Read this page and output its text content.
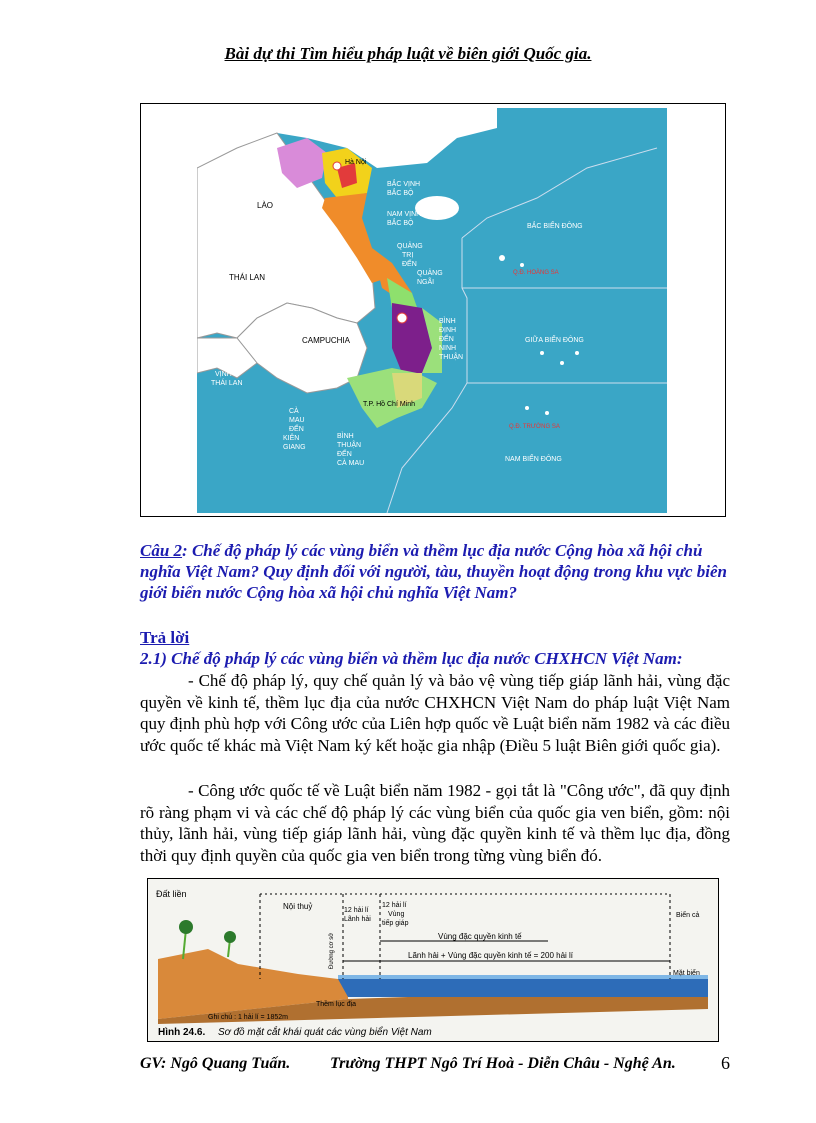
Bài dự thi Tìm hiểu pháp luật về biên giới Quốc gia.
TRUNG QUỐC
Hà Nội
BẮC VỊNH
BẮC BỘ
NAM VỊNH
BẮC BỘ
LÀO
THÁI LAN
CAMPUCHIA
QUẢNG
TRỊ
ĐẾN
QUẢNG
NGÃI
BÌNH
ĐỊNH
ĐẾN
NINH
THUẬN
BẮC BIỂN ĐÔNG
Q.Đ. HOÀNG SA
GIỮA BIỂN ĐÔNG
Q.Đ. TRƯỜNG SA
NAM BIỂN ĐÔNG
VỊNH
THÁI LAN
T.P. Hồ Chí Minh
CÀ
MAU
ĐẾN
KIÊN
GIANG
BÌNH
THUẬN
ĐẾN
CÀ MAU
Câu 2: Chế độ pháp lý các vùng biển và thềm lục địa nước Cộng hòa xã hội chủ nghĩa Việt Nam? Quy định đối với người, tàu, thuyền hoạt động trong khu vực biên giới biển nước Cộng hòa xã hội chủ nghĩa Việt Nam?
Trả lời
2.1) Chế độ pháp lý các vùng biển và thềm lục địa nước CHXHCN Việt Nam:
- Chế độ pháp lý, quy chế quản lý và bảo vệ vùng tiếp giáp lãnh hải, vùng đặc quyền về kinh tế, thềm lục địa của nước CHXHCN Việt Nam do pháp luật Việt Nam quy định phù hợp với Công ước của Liên hợp quốc về Luật biển năm 1982 và các điều ước quốc tế khác mà Việt Nam ký kết hoặc gia nhập (Điều 5 luật Biên giới quốc gia).
- Công ước quốc tế về Luật biển năm 1982 - gọi tắt là "Công ước", đã quy định rõ ràng phạm vi và các chế độ pháp lý các vùng biển của quốc gia ven biển, gồm: nội thủy, lãnh hải, vùng tiếp giáp lãnh hải, vùng đặc quyền kinh tế và thềm lục địa, đồng thời quy định quyền của quốc gia ven biển trong từng vùng biển đó.
Đất liền
Nội thuỷ
Đường cơ sở
12 hải lí
Lãnh hải
12 hải lí
Vùng
tiếp giáp
Biển cả
Vùng đặc quyền kinh tế
Lãnh hải + Vùng đặc quyền kinh tế = 200 hải lí
Mặt biển
Thềm lục địa
Ghi chú : 1 hải lí = 1852m
Hình 24.6. Sơ đồ mặt cắt khái quát các vùng biển Việt Nam
GV: Ngô Quang Tuấn. Trường THPT Ngô Trí Hoà - Diễn Châu - Nghệ An.	6
